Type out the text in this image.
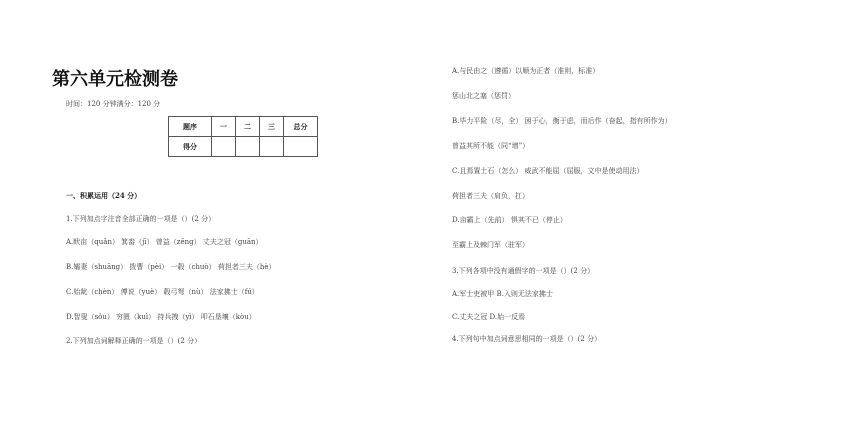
第六单元检测卷
时间：120 分钟满分：120 分
题序	一	二	三	总分
得分				
一、积累运用（24 分）
1.下列加点字注音全部正确的一项是（）(2 分）
A.畎亩（quǎn） 箕畚（jī） 曾益（zēng） 丈夫之冠（guān）
B.孀妻（shuāng） 拨曹（pèi） 一毂（chuò） 荷担者三夫（hè）
C.始龀（chèn） 傅说（yuè） 毂弓弩（nù） 法家拂士（fú）
D.智叟（sǒu） 穷匮（kuì） 持兵拽（yì） 叩石垦壤（kòu）
2.下列加点词解释正确的一项是（）(2 分）
A.与民由之（遵循）以顺为正者（准则，标准）
惩山北之塞（惩罚）
B.毕力平险（尽，全） 困于心，衡于虑，而后作（奋起，指有所作为）
曾益其所不能（同“增”）
C.且焉置土石（怎么） 威武不能屈（屈服，文中是使动用法）
荷担者三夫（肩负，扛）
D.亩霸上（先前） 惧其不已（停止）
至霸上及棘门军（驻军）
3.下列各项中没有通假字的一项是（）(2 分）
A.军士吏被甲 B.入则无法家拂士
C.丈夫之冠 D.始一反焉
4.下列句中加点词意思相同的一项是（）(2 分）
